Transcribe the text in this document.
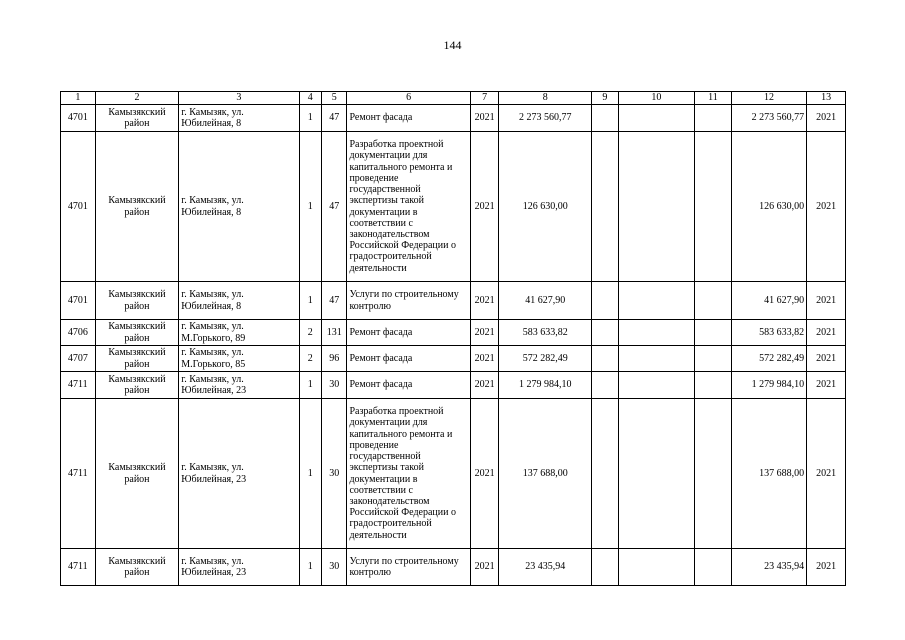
144
1	2	3	4	5	6	7	8	9	10	11	12	13
4701	Камызякский район	г. Камызяк, ул. Юбилейная, 8	1	47	Ремонт фасада	2021	2 273 560,77				2 273 560,77	2021
4701	Камызякский район	г. Камызяк, ул. Юбилейная, 8	1	47	Разработка проектной документации для капитального ремонта и проведение государственной экспертизы такой документации в соответствии с законодательством Российской Федерации о градостроительной деятельности	2021	126 630,00				126 630,00	2021
4701	Камызякский район	г. Камызяк, ул. Юбилейная, 8	1	47	Услуги по строительному контролю	2021	41 627,90				41 627,90	2021
4706	Камызякский район	г. Камызяк, ул. М.Горького, 89	2	131	Ремонт фасада	2021	583 633,82				583 633,82	2021
4707	Камызякский район	г. Камызяк, ул. М.Горького, 85	2	96	Ремонт фасада	2021	572 282,49				572 282,49	2021
4711	Камызякский район	г. Камызяк, ул. Юбилейная, 23	1	30	Ремонт фасада	2021	1 279 984,10				1 279 984,10	2021
4711	Камызякский район	г. Камызяк, ул. Юбилейная, 23	1	30	Разработка проектной документации для капитального ремонта и проведение государственной экспертизы такой документации в соответствии с законодательством Российской Федерации о градостроительной деятельности	2021	137 688,00				137 688,00	2021
4711	Камызякский район	г. Камызяк, ул. Юбилейная, 23	1	30	Услуги по строительному контролю	2021	23 435,94				23 435,94	2021
